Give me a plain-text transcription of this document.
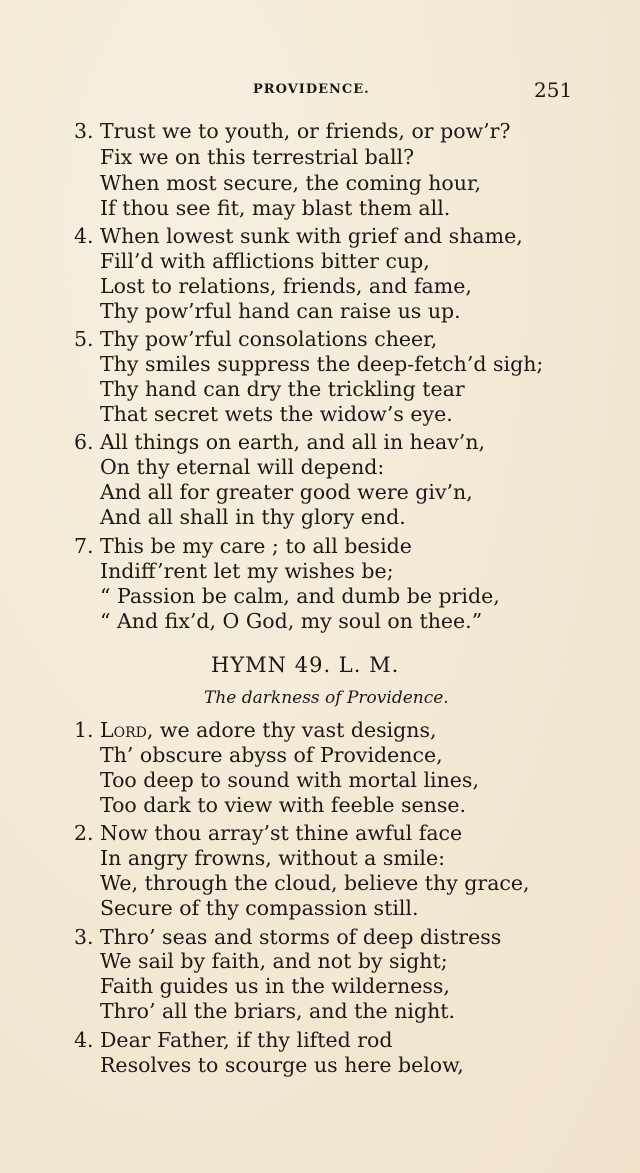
PROVIDENCE.	251
3. Trust we to youth, or friends, or pow’r?
Fix we on this terrestrial ball?
When most secure, the coming hour,
If thou see fit, may blast them all.
4. When lowest sunk with grief and shame,
Fill’d with afflictions bitter cup,
Lost to relations, friends, and fame,
Thy pow’rful hand can raise us up.
5. Thy pow’rful consolations cheer,
Thy smiles suppress the deep-fetch’d sigh;
Thy hand can dry the trickling tear
That secret wets the widow’s eye.
6. All things on earth, and all in heav’n,
On thy eternal will depend:
And all for greater good were giv’n,
And all shall in thy glory end.
7. This be my care ; to all beside
Indiff’rent let my wishes be;
“ Passion be calm, and dumb be pride,
“ And fix’d, O God, my soul on thee.”
HYMN 49. L. M.
The darkness of Providence.
1. Lord, we adore thy vast designs,
Th’ obscure abyss of Providence,
Too deep to sound with mortal lines,
Too dark to view with feeble sense.
2. Now thou array’st thine awful face
In angry frowns, without a smile:
We, through the cloud, believe thy grace,
Secure of thy compassion still.
3. Thro’ seas and storms of deep distress
We sail by faith, and not by sight;
Faith guides us in the wilderness,
Thro’ all the briars, and the night.
4. Dear Father, if thy lifted rod
Resolves to scourge us here below,
